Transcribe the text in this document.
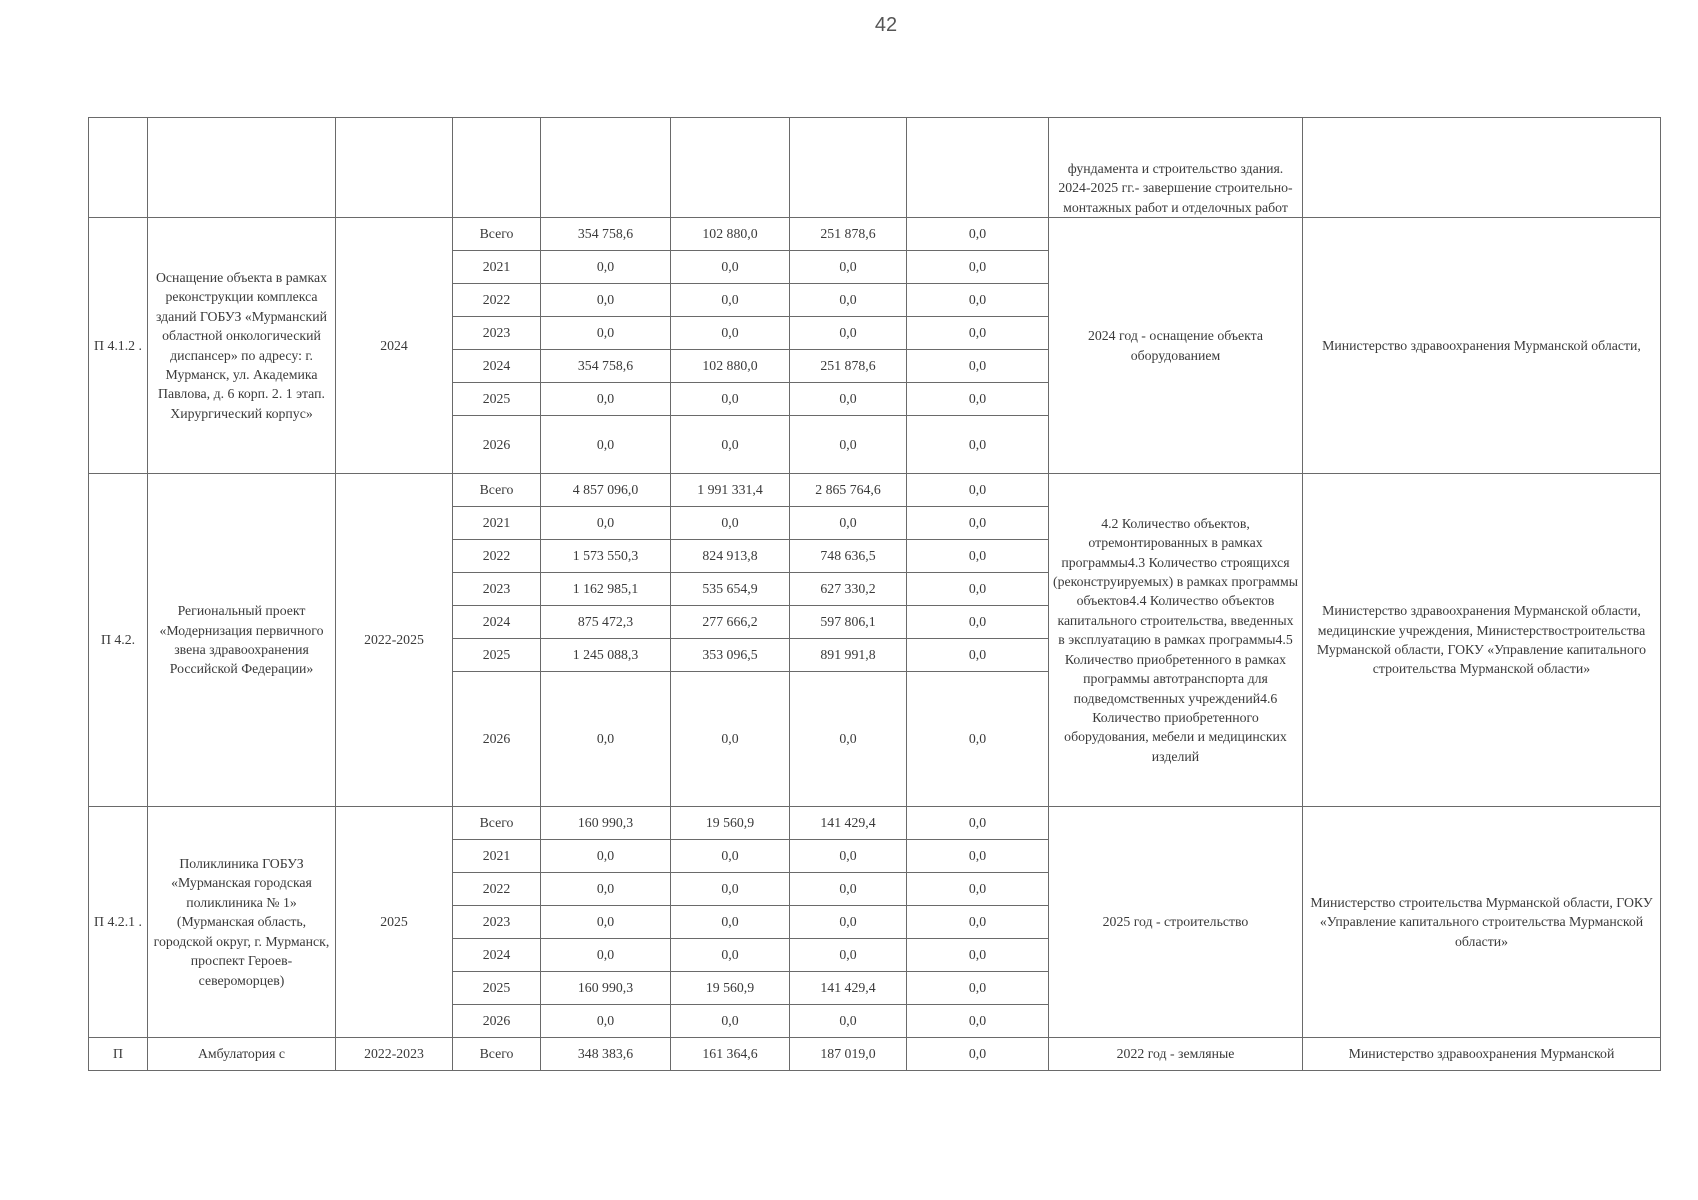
42
								фундамента и строительство здания. 2024-2025 гг.- завершение строительно-монтажных работ и отделочных работ	
П 4.1.2 .	Оснащение объекта в рамках реконструкции комплекса зданий ГОБУЗ «Мурманский областной онкологический диспансер» по адресу: г. Мурманск, ул. Академика Павлова, д. 6 корп. 2. 1 этап. Хирургический корпус»	2024	Всего	354 758,6	102 880,0	251 878,6	0,0	2024 год - оснащение объекта оборудованием	Министерство здравоохранения Мурманской области,
			2021	0,0	0,0	0,0	0,0		
			2022	0,0	0,0	0,0	0,0		
			2023	0,0	0,0	0,0	0,0		
			2024	354 758,6	102 880,0	251 878,6	0,0		
			2025	0,0	0,0	0,0	0,0		
			2026	0,0	0,0	0,0	0,0		
П 4.2.	Региональный проект «Модернизация первичного звена здравоохранения Российской Федерации»	2022-2025	Всего	4 857 096,0	1 991 331,4	2 865 764,6	0,0	4.2 Количество объектов, отремонтированных в рамках программы4.3 Количество строящихся (реконструируемых) в рамках программы объектов4.4 Количество объектов капитального строительства, введенных в эксплуатацию в рамках программы4.5 Количество приобретенного в рамках программы автотранспорта для подведомственных учреждений4.6 Количество приобретенного оборудования, мебели и медицинских изделий	Министерство здравоохранения Мурманской области, медицинские учреждения, Министерствостроительства Мурманской области, ГОКУ «Управление капитального строительства Мурманской области»
			2021	0,0	0,0	0,0	0,0		
			2022	1 573 550,3	824 913,8	748 636,5	0,0		
			2023	1 162 985,1	535 654,9	627 330,2	0,0		
			2024	875 472,3	277 666,2	597 806,1	0,0		
			2025	1 245 088,3	353 096,5	891 991,8	0,0		
			2026	0,0	0,0	0,0	0,0		
П 4.2.1 .	Поликлиника ГОБУЗ «Мурманская городская поликлиника № 1» (Мурманская область, городской округ, г. Мурманск, проспект Героев-североморцев)	2025	Всего	160 990,3	19 560,9	141 429,4	0,0	2025 год - строительство	Министерство строительства Мурманской области, ГОКУ «Управление капитального строительства Мурманской области»
			2021	0,0	0,0	0,0	0,0		
			2022	0,0	0,0	0,0	0,0		
			2023	0,0	0,0	0,0	0,0		
			2024	0,0	0,0	0,0	0,0		
			2025	160 990,3	19 560,9	141 429,4	0,0		
			2026	0,0	0,0	0,0	0,0		
П	Амбулатория с	2022-2023	Всего	348 383,6	161 364,6	187 019,0	0,0	2022 год - земляные	Министерство здравоохранения Мурманской
